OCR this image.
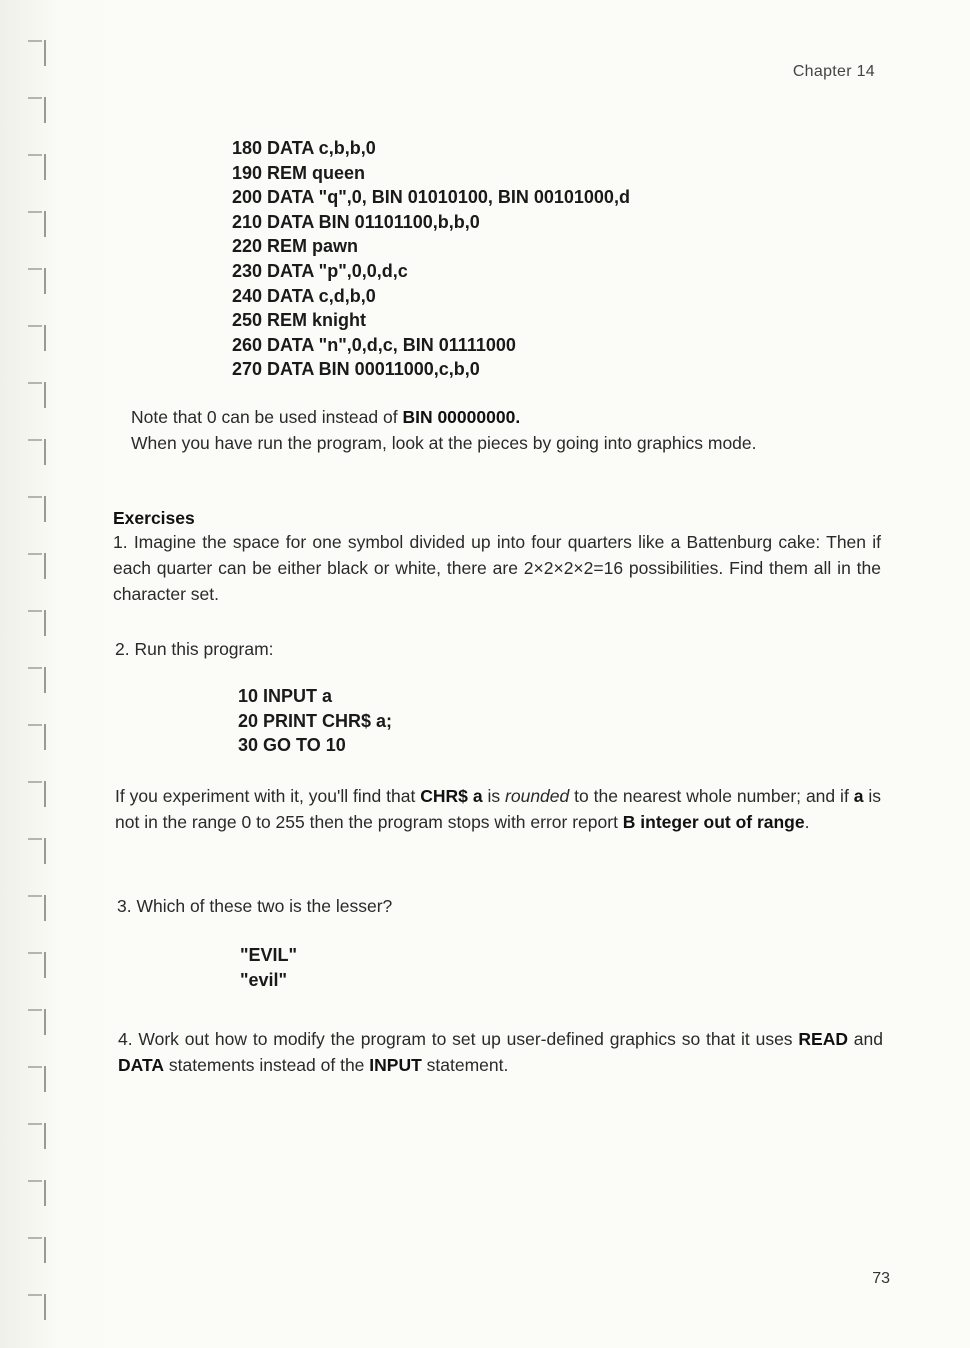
Chapter 14
180 DATA c,b,b,0
190 REM queen
200 DATA "q",0, BIN 01010100, BIN 00101000,d
210 DATA BIN 01101100,b,b,0
220 REM pawn
230 DATA "p",0,0,d,c
240 DATA c,d,b,0
250 REM knight
260 DATA "n",0,d,c, BIN 01111000
270 DATA BIN 00011000,c,b,0
Note that 0 can be used instead of BIN 00000000.
When you have run the program, look at the pieces by going into graphics mode.
Exercises
1. Imagine the space for one symbol divided up into four quarters like a Battenburg cake: Then if each quarter can be either black or white, there are 2×2×2×2=16 possibilities. Find them all in the character set.
2. Run this program:
10 INPUT a
20 PRINT CHR$ a;
30 GO TO 10
If you experiment with it, you'll find that CHR$ a is rounded to the nearest whole number; and if a is not in the range 0 to 255 then the program stops with error report B integer out of range.
3. Which of these two is the lesser?
"EVIL"
"evil"
4. Work out how to modify the program to set up user-defined graphics so that it uses READ and DATA statements instead of the INPUT statement.
73
